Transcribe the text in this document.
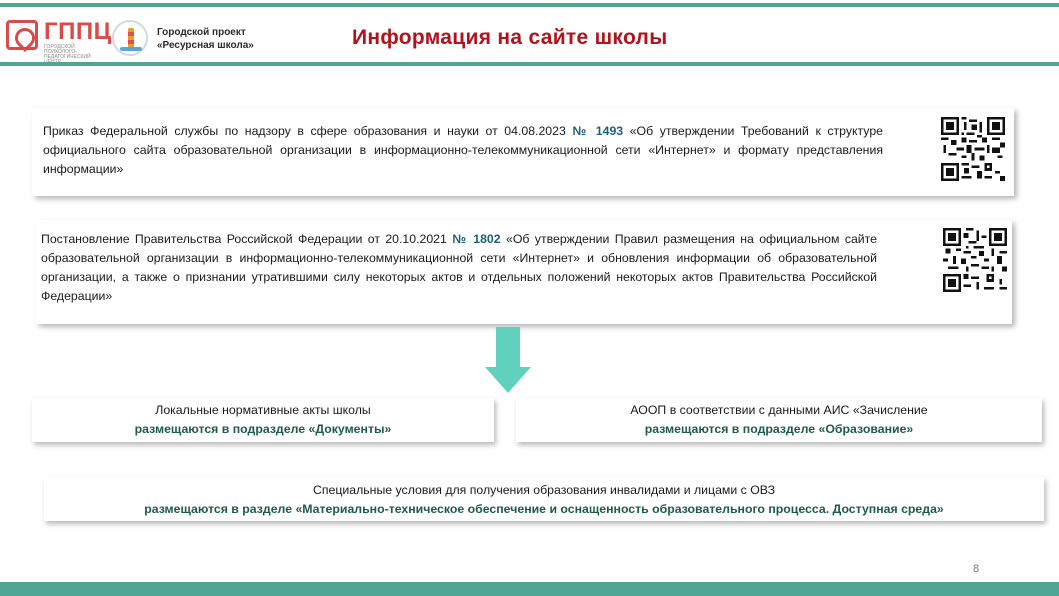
ГППЦ
ГОРОДСКОЙ ПСИХОЛОГО-ПЕДАГОГИЧЕСКИЙ
Городской проект
«Ресурсная школа»	Информация на сайте школы
Приказ Федеральной службы по надзору в сфере образования и науки от 04.08.2023 № 1493 «Об утверждении Требований к структуре официального сайта образовательной организации в информационно-телекоммуникационной сети «Интернет» и формату представления информации»
Постановление Правительства Российской Федерации от 20.10.2021 № 1802 «Об утверждении Правил размещения на официальном сайте образовательной организации в информационно-телекоммуникационной сети «Интернет» и обновления информации об образовательной организации, а также о признании утратившими силу некоторых актов и отдельных положений некоторых актов Правительства Российской Федерации»
Локальные нормативные акты школы
размещаются в подразделе «Документы»
АООП в соответствии с данными АИС «Зачисление
размещаются в подразделе «Образование»
Специальные условия для получения образования инвалидами и лицами с ОВЗ
размещаются в разделе «Материально-техническое обеспечение и оснащенность образовательного процесса. Доступная среда»
8
